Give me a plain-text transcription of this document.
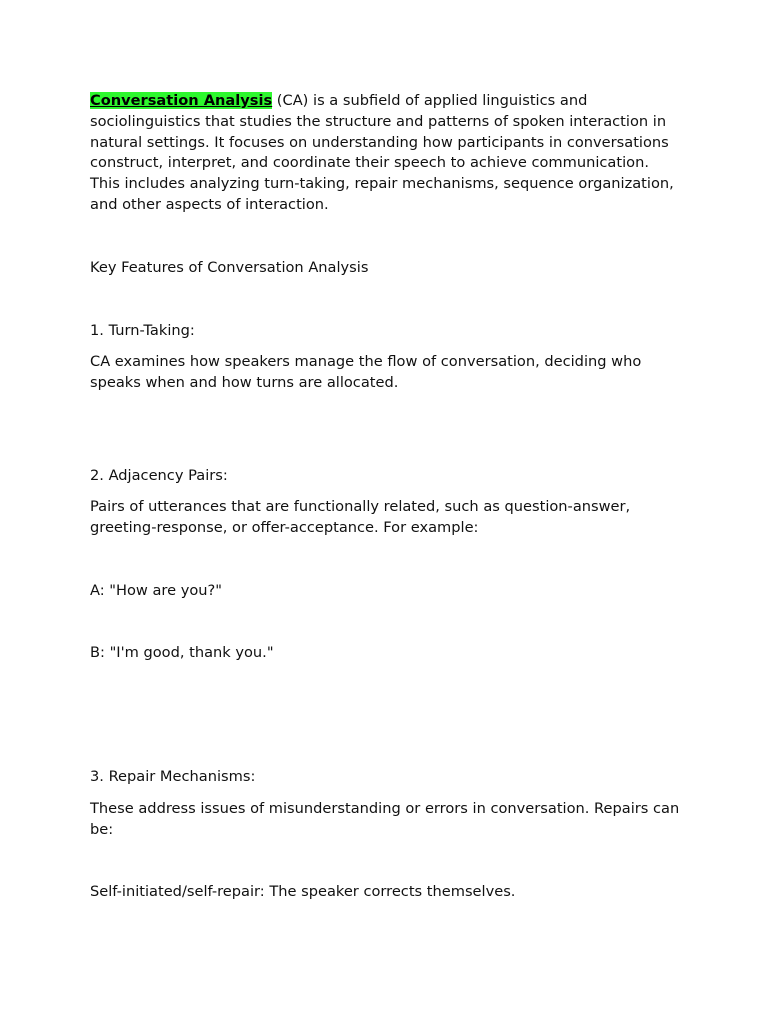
Conversation Analysis (CA) is a subfield of applied linguistics and sociolinguistics that studies the structure and patterns of spoken interaction in natural settings. It focuses on understanding how participants in conversations construct, interpret, and coordinate their speech to achieve communication. This includes analyzing turn-taking, repair mechanisms, sequence organization, and other aspects of interaction.

Key Features of Conversation Analysis

1. Turn-Taking:

CA examines how speakers manage the flow of conversation, deciding who speaks when and how turns are allocated.

2. Adjacency Pairs:

Pairs of utterances that are functionally related, such as question-answer, greeting-response, or offer-acceptance. For example:

A: "How are you?"

B: "I'm good, thank you."

3. Repair Mechanisms:

These address issues of misunderstanding or errors in conversation. Repairs can be:

Self-initiated/self-repair: The speaker corrects themselves.
